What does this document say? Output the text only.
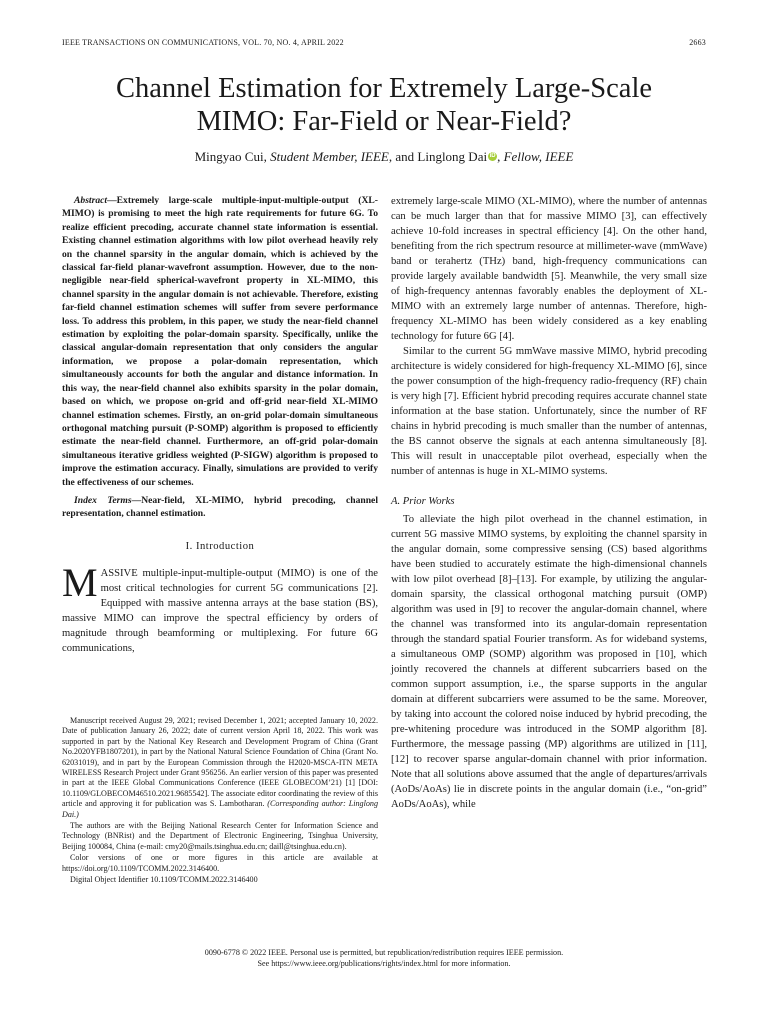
IEEE TRANSACTIONS ON COMMUNICATIONS, VOL. 70, NO. 4, APRIL 2022	2663
Channel Estimation for Extremely Large-Scale
MIMO: Far-Field or Near-Field?
Mingyao Cui, Student Member, IEEE, and Linglong Dai iD , Fellow, IEEE

Abstract—Extremely large-scale multiple-input-multiple-output (XL-MIMO) is promising to meet the high rate requirements for future 6G. To realize efficient precoding, accurate channel state information is essential. Existing channel estimation algorithms with low pilot overhead heavily rely on the channel sparsity in the angular domain, which is achieved by the classical far-field planar-wavefront assumption. However, due to the non-negligible near-field spherical-wavefront property in XL-MIMO, this channel sparsity in the angular domain is not achievable. Therefore, existing far-field channel estimation schemes will suffer from severe performance loss. To address this problem, in this paper, we study the near-field channel estimation by exploiting the polar-domain sparsity. Specifically, unlike the classical angular-domain representation that only considers the angular information, we propose a polar-domain representation, which simultaneously accounts for both the angular and distance information. In this way, the near-field channel also exhibits sparsity in the polar domain, based on which, we propose on-grid and off-grid near-field XL-MIMO channel estimation schemes. Firstly, an on-grid polar-domain simultaneous orthogonal matching pursuit (P-SOMP) algorithm is proposed to efficiently estimate the near-field channel. Furthermore, an off-grid polar-domain simultaneous iterative gridless weighted (P-SIGW) algorithm is proposed to improve the estimation accuracy. Finally, simulations are provided to verify the effectiveness of our schemes.

Index Terms—Near-field, XL-MIMO, hybrid precoding, channel representation, channel estimation.

I. Introduction

MASSIVE multiple-input-multiple-output (MIMO) is one of the most critical technologies for current 5G communications [2]. Equipped with massive antenna arrays at the base station (BS), massive MIMO can improve the spectral efficiency by orders of magnitude through beamforming or multiplexing. For future 6G communications,

Manuscript received August 29, 2021; revised December 1, 2021; accepted January 10, 2022. Date of publication January 26, 2022; date of current version April 18, 2022. This work was supported in part by the National Key Research and Development Program of China (Grant No.2020YFB1807201), in part by the National Natural Science Foundation of China (Grant No. 62031019), and in part by the European Commission through the H2020-MSCA-ITN META WIRELESS Research Project under Grant 956256. An earlier version of this paper was presented in part at the IEEE Global Communications Conference (IEEE GLOBECOM’21) [1] [DOI: 10.1109/GLOBECOM46510.2021.9685542]. The associate editor coordinating the review of this article and approving it for publication was S. Lambotharan. (Corresponding author: Linglong Dai.)

The authors are with the Beijing National Research Center for Information Science and Technology (BNRist) and the Department of Electronic Engineering, Tsinghua University, Beijing 100084, China (e-mail: cmy20@mails.tsinghua.edu.cn; daill@tsinghua.edu.cn).

Color versions of one or more figures in this article are available at https://doi.org/10.1109/TCOMM.2022.3146400.

Digital Object Identifier 10.1109/TCOMM.2022.3146400

extremely large-scale MIMO (XL-MIMO), where the number of antennas can be much larger than that for massive MIMO [3], can effectively achieve 10-fold increases in spectral efficiency [4]. On the other hand, benefiting from the rich spectrum resource at millimeter-wave (mmWave) band or terahertz (THz) band, high-frequency communications can provide largely available bandwidth [5]. Meanwhile, the very small size of high-frequency antennas favorably enables the deployment of XL-MIMO with an extremely large number of antennas. Therefore, high-frequency XL-MIMO has been widely considered as a key enabling technology for future 6G [4].

Similar to the current 5G mmWave massive MIMO, hybrid precoding architecture is widely considered for high-frequency XL-MIMO [6], since the power consumption of the high-frequency radio-frequency (RF) chain is very high [7]. Efficient hybrid precoding requires accurate channel state information at the base station. Unfortunately, since the number of RF chains in hybrid precoding is much smaller than the number of antennas, the BS cannot observe the signals at each antenna simultaneously [8]. This will result in unacceptable pilot overhead, especially when the number of antennas is huge in XL-MIMO systems.

A. Prior Works

To alleviate the high pilot overhead in the channel estimation, in current 5G massive MIMO systems, by exploiting the channel sparsity in the angular domain, some compressive sensing (CS) based algorithms have been studied to accurately estimate the high-dimensional channels with low pilot overhead [8]–[13]. For example, by utilizing the angular-domain sparsity, the classical orthogonal matching pursuit (OMP) algorithm was used in [9] to recover the angular-domain channel, where the channel was transformed into its angular-domain representation through the standard spatial Fourier transform. As for wideband systems, a simultaneous OMP (SOMP) algorithm was proposed in [10], which jointly recovered the channels at different subcarriers based on the common support assumption, i.e., the sparse supports in the angular domain at different subcarriers were assumed to be the same. Moreover, by taking into account the colored noise induced by hybrid precoding, the pre-whitening procedure was introduced in the SOMP algorithm [8]. Furthermore, the message passing (MP) algorithms are utilized in [11], [12] to recover sparse angular-domain channel with prior information. Note that all solutions above assumed that the angle of departures/arrivals (AoDs/AoAs) lie in discrete points in the angular domain (i.e., “on-grid” AoDs/AoAs), while

0090-6778 © 2022 IEEE. Personal use is permitted, but republication/redistribution requires IEEE permission.
See https://www.ieee.org/publications/rights/index.html for more information.
